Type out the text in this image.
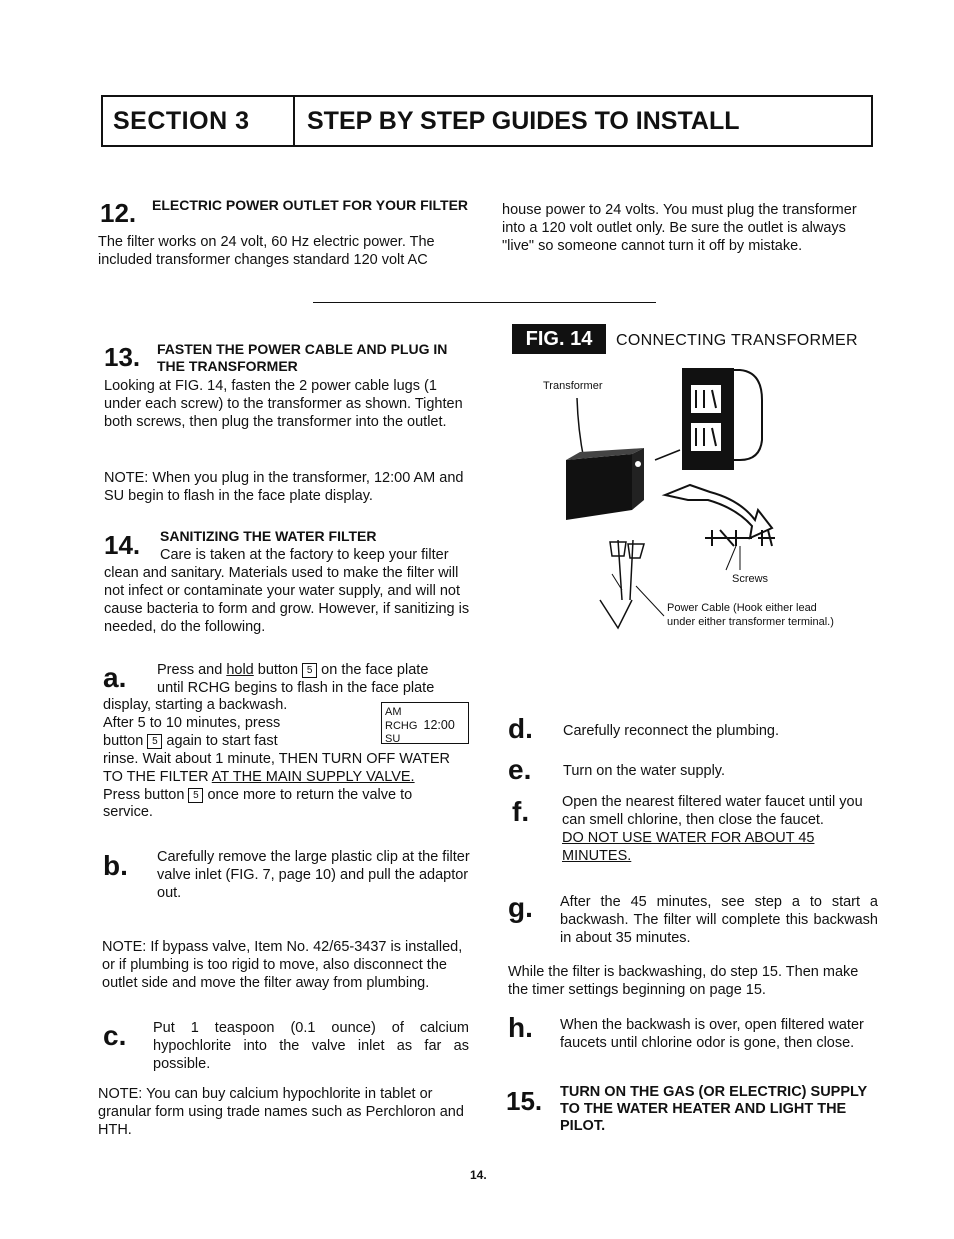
SECTION 3	STEP BY STEP GUIDES TO INSTALL
12. ELECTRIC POWER OUTLET FOR YOUR FILTER
The filter works on 24 volt, 60 Hz electric power. The included transformer changes standard 120 volt AC
house power to 24 volts. You must plug the transformer into a 120 volt outlet only. Be sure the outlet is always "live" so someone cannot turn it off by mistake.
13. FASTEN THE POWER CABLE AND PLUG IN THE TRANSFORMER
Looking at FIG. 14, fasten the 2 power cable lugs (1 under each screw) to the transformer as shown. Tighten both screws, then plug the transformer into the outlet.
NOTE: When you plug in the transformer, 12:00 AM and SU begin to flash in the face plate display.
14. SANITIZING THE WATER FILTER
Care is taken at the factory to keep your filter clean and sanitary. Materials used to make the filter will not infect or contaminate your water supply, and will not cause bacteria to form and grow. However, if sanitizing is needed, do the following.
a. Press and hold button 5 on the face plate
until RCHG begins to flash in the face plate
display, starting a backwash.
After 5 to 10 minutes, press
button 5 again to start fast
AM
RCHG 12:00
SU
rinse. Wait about 1 minute, THEN TURN OFF WATER
TO THE FILTER AT THE MAIN SUPPLY VALVE.
Press button 5 once more to return the valve to
service.
b. Carefully remove the large plastic clip at the filter valve inlet (FIG. 7, page 10) and pull the adaptor out.
NOTE: If bypass valve, Item No. 42/65-3437 is installed, or if plumbing is too rigid to move, also disconnect the outlet side and move the filter away from plumbing.
c. Put 1 teaspoon (0.1 ounce) of calcium hypochlorite into the valve inlet as far as possible.
NOTE: You can buy calcium hypochlorite in tablet or granular form using trade names such as Perchloron and HTH.
FIG. 14	CONNECTING TRANSFORMER
Transformer
Screws
Power Cable (Hook either lead
under either transformer terminal.)
d. Carefully reconnect the plumbing.
e. Turn on the water supply.
f. Open the nearest filtered water faucet until you can smell chlorine, then close the faucet.
DO NOT USE WATER FOR ABOUT 45 MINUTES.
g. After the 45 minutes, see step a to start a backwash. The filter will complete this backwash in about 35 minutes.
While the filter is backwashing, do step 15. Then make the timer settings beginning on page 15.
h. When the backwash is over, open filtered water faucets until chlorine odor is gone, then close.
15. TURN ON THE GAS (OR ELECTRIC) SUPPLY TO THE WATER HEATER AND LIGHT THE PILOT.
14.
